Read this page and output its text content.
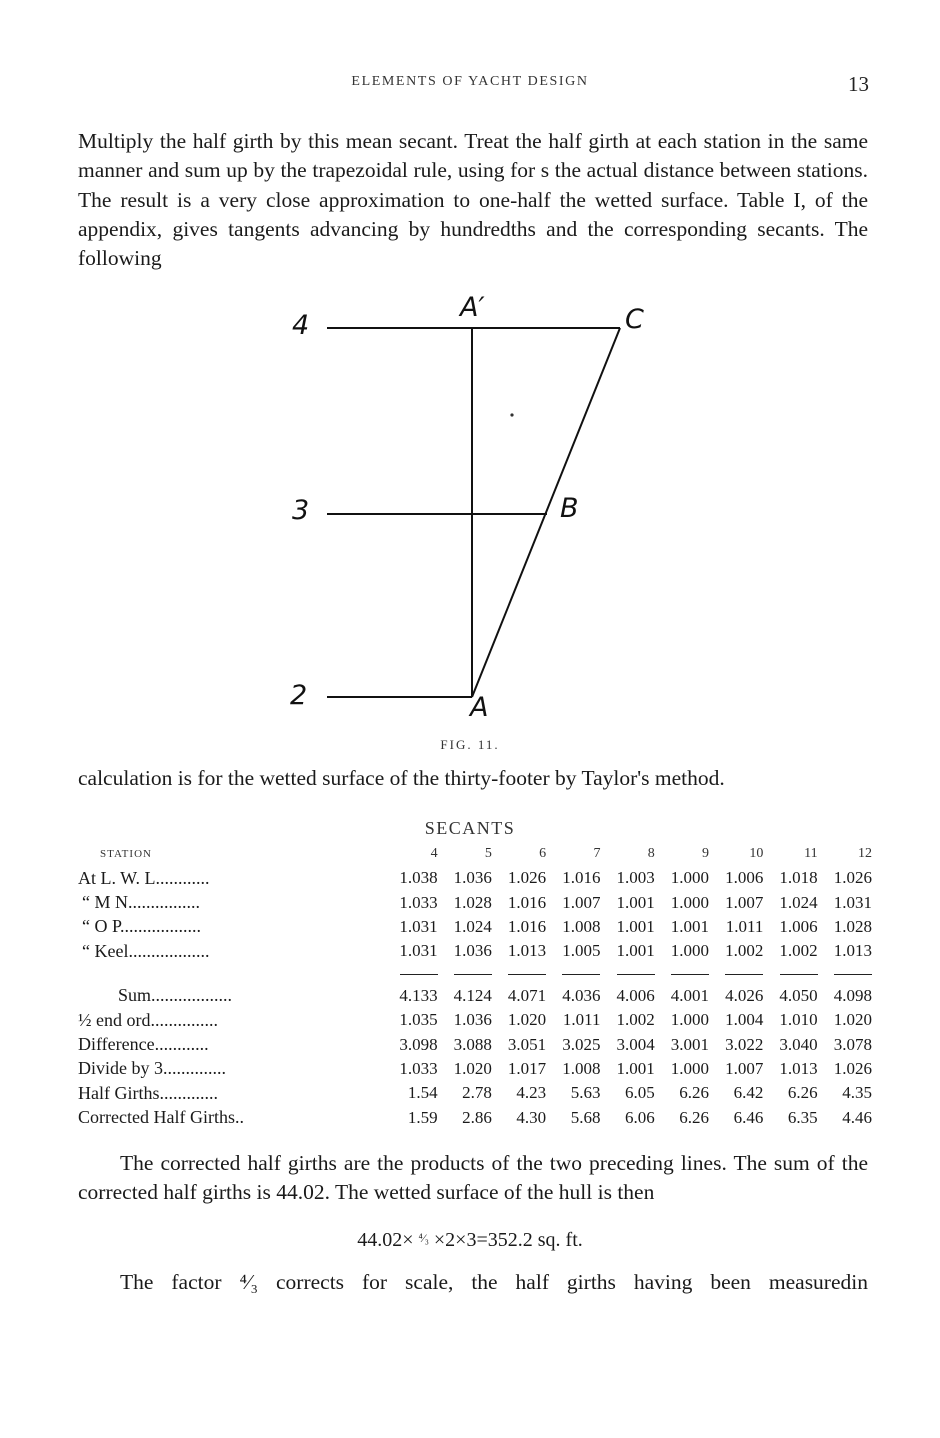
ELEMENTS OF YACHT DESIGN	13

Multiply the half girth by this mean secant. Treat the half girth at each station in the same manner and sum up by the trapezoidal rule, using for s the actual distance between stations. The result is a very close approximation to one-half the wetted surface. Table I, of the appendix, gives tangents advancing by hundredths and the corresponding secants. The following

4
3
2
A′	C
B
A
FIG. 11.

calculation is for the wetted surface of the thirty-footer by Taylor's method.

SECANTS
STATION	4	5	6	7	8	9	10	11	12
At L. W. L............	1.038	1.036	1.026	1.016	1.003	1.000	1.006	1.018	1.026
“ M N................	1.033	1.028	1.016	1.007	1.001	1.000	1.007	1.024	1.031
“ O P..................	1.031	1.024	1.016	1.008	1.001	1.001	1.011	1.006	1.028
“ Keel..................	1.031	1.036	1.013	1.005	1.001	1.000	1.002	1.002	1.013

Sum..................	4.133	4.124	4.071	4.036	4.006	4.001	4.026	4.050	4.098
½ end ord...............	1.035	1.036	1.020	1.011	1.002	1.000	1.004	1.010	1.020
Difference............	3.098	3.088	3.051	3.025	3.004	3.001	3.022	3.040	3.078
Divide by 3..............	1.033	1.020	1.017	1.008	1.001	1.000	1.007	1.013	1.026
Half Girths.............	1.54	2.78	4.23	5.63	6.05	6.26	6.42	6.26	4.35
Corrected Half Girths..	1.59	2.86	4.30	5.68	6.06	6.26	6.46	6.35	4.46

The corrected half girths are the products of the two preceding lines. The sum of the corrected half girths is 44.02. The wetted surface of the hull is then

44.02× $^{^4⁄_3}$ ×2×3=352.2 sq. ft.

The factor ⁴⁄₃ corrects for scale, the half girths having been measuredin
